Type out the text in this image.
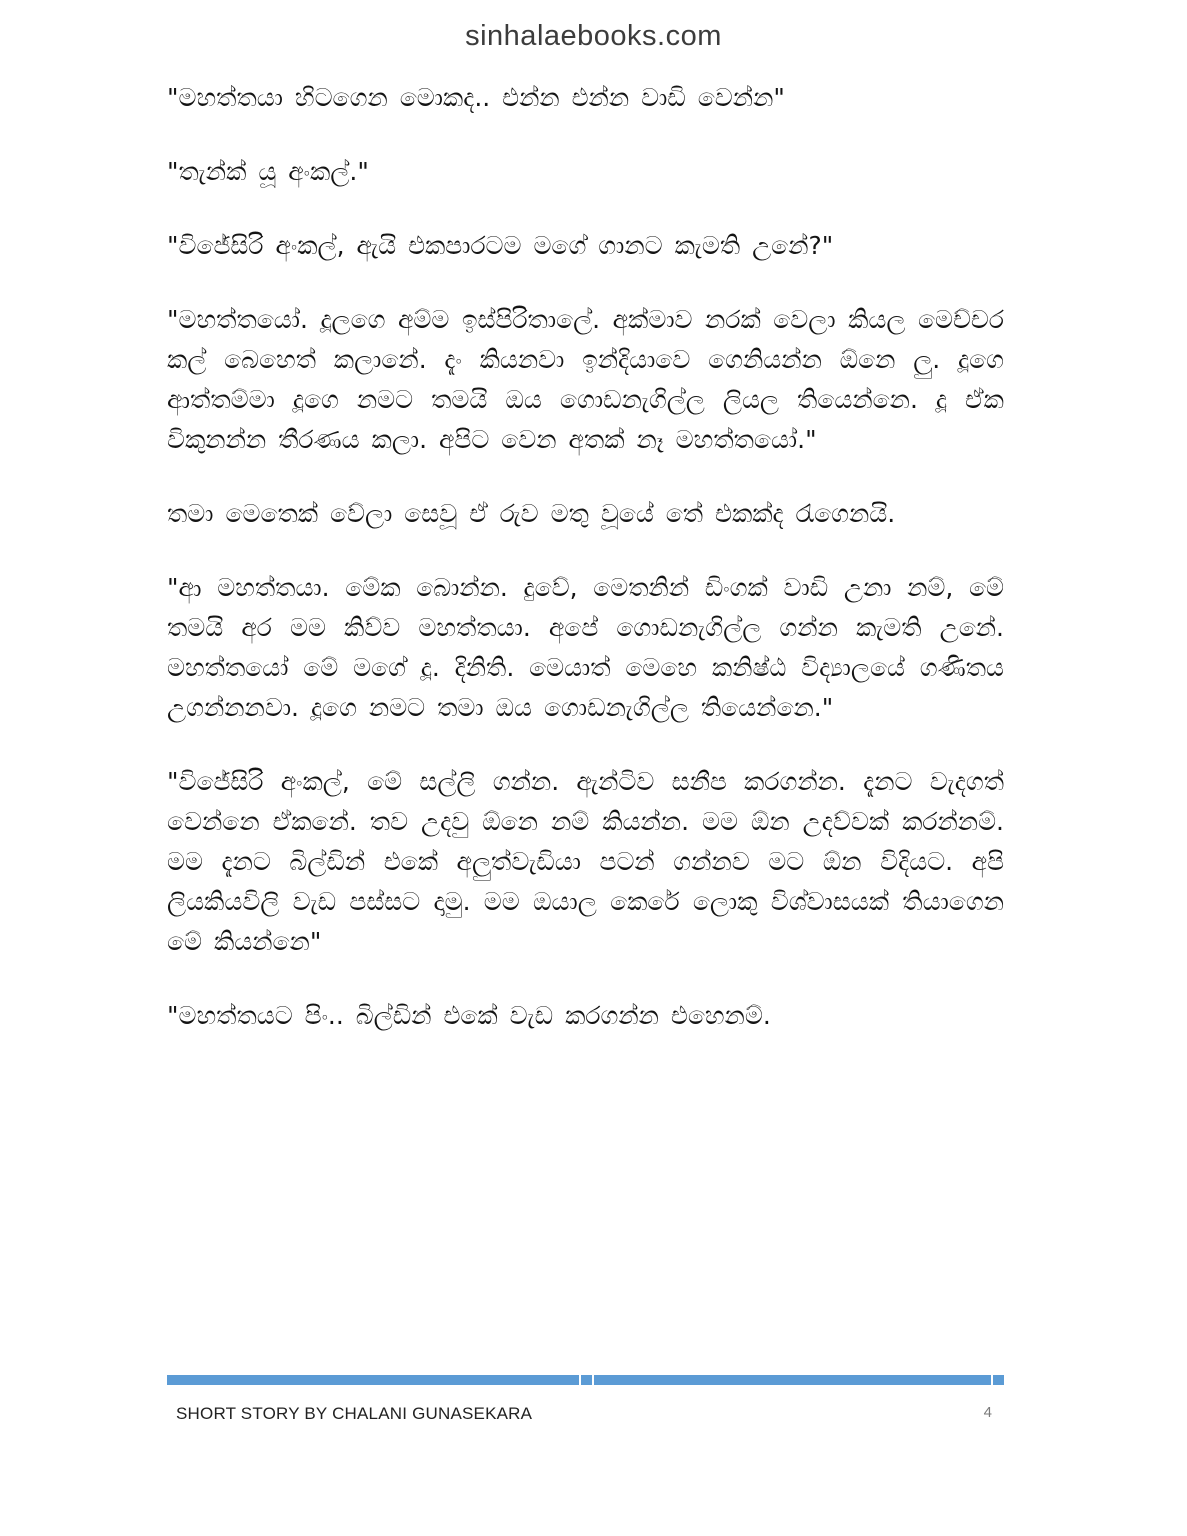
sinhalaebooks.com

"මහත්තයා හිටගෙන මොකද.. එන්න එන්න වාඩි වෙන්න"

"තැන්ක් යූ අංකල්."

"විජේසිරි අංකල්, ඇයි එකපාරටම මගේ ගානට කැමති උනේ?"

"මහත්තයෝ. දූලගෙ අම්ම ඉස්පිරිතාලේ. අක්මාව නරක් වෙලා කියල මෙච්චර කල් බෙහෙත් කලානේ. දැං කියනවා ඉන්දියාවෙ ගෙනියන්න ඕනෙ ලු. දූගෙ ආත්තම්මා දූගෙ නමට තමයි ඔය ගොඩනැගිල්ල ලියල තියෙන්නෙ. දූ ඒක විකුනන්න තීරණය කලා. අපිට වෙන අතක් නෑ මහත්තයෝ."

තමා මෙතෙක් වේලා සෙවූ ඒ රුව මතු වූයේ තේ එකක්ද රැගෙනයි.

"ආ මහත්තයා. මේක බොන්න. දුවේ, මෙතනින් ඩිංගක් වාඩි උනා නම්, මේ තමයි අර මම කිව්ව මහත්තයා. අපේ ගොඩනැගිල්ල ගන්න කැමති උනේ. මහත්තයෝ මේ මගේ දූ. දිනිති. මෙයාත් මෙහෙ කනිෂ්ඨ විද්‍යාලයේ ගණිතය උගන්නනවා. දූගෙ නමට තමා ඔය ගොඩනැගිල්ල තියෙන්නෙ."

"විජේසිරි අංකල්, මේ සල්ලි ගන්න. ඇන්ටිව සනීප කරගන්න. දැනට වැදගත් වෙන්නෙ ඒකනේ. තව උදවු ඕනෙ නම් කියන්න. මම ඕන උදව්වක් කරන්නම්. මම දැනට බිල්ඩින් එකේ අලුත්වැඩියා පටන් ගන්නව මට ඕන විදියට. අපි ලියකියවිලි වැඩ පස්සට දාමු. මම ඔයාල කෙරේ ලොකු විශ්වාසයක් තියාගෙන මේ කියන්නෙ"

"මහත්තයට පිං.. බිල්ඩින් එකේ වැඩ කරගන්න එහෙනම්.

SHORT STORY BY CHALANI GUNASEKARA	4
